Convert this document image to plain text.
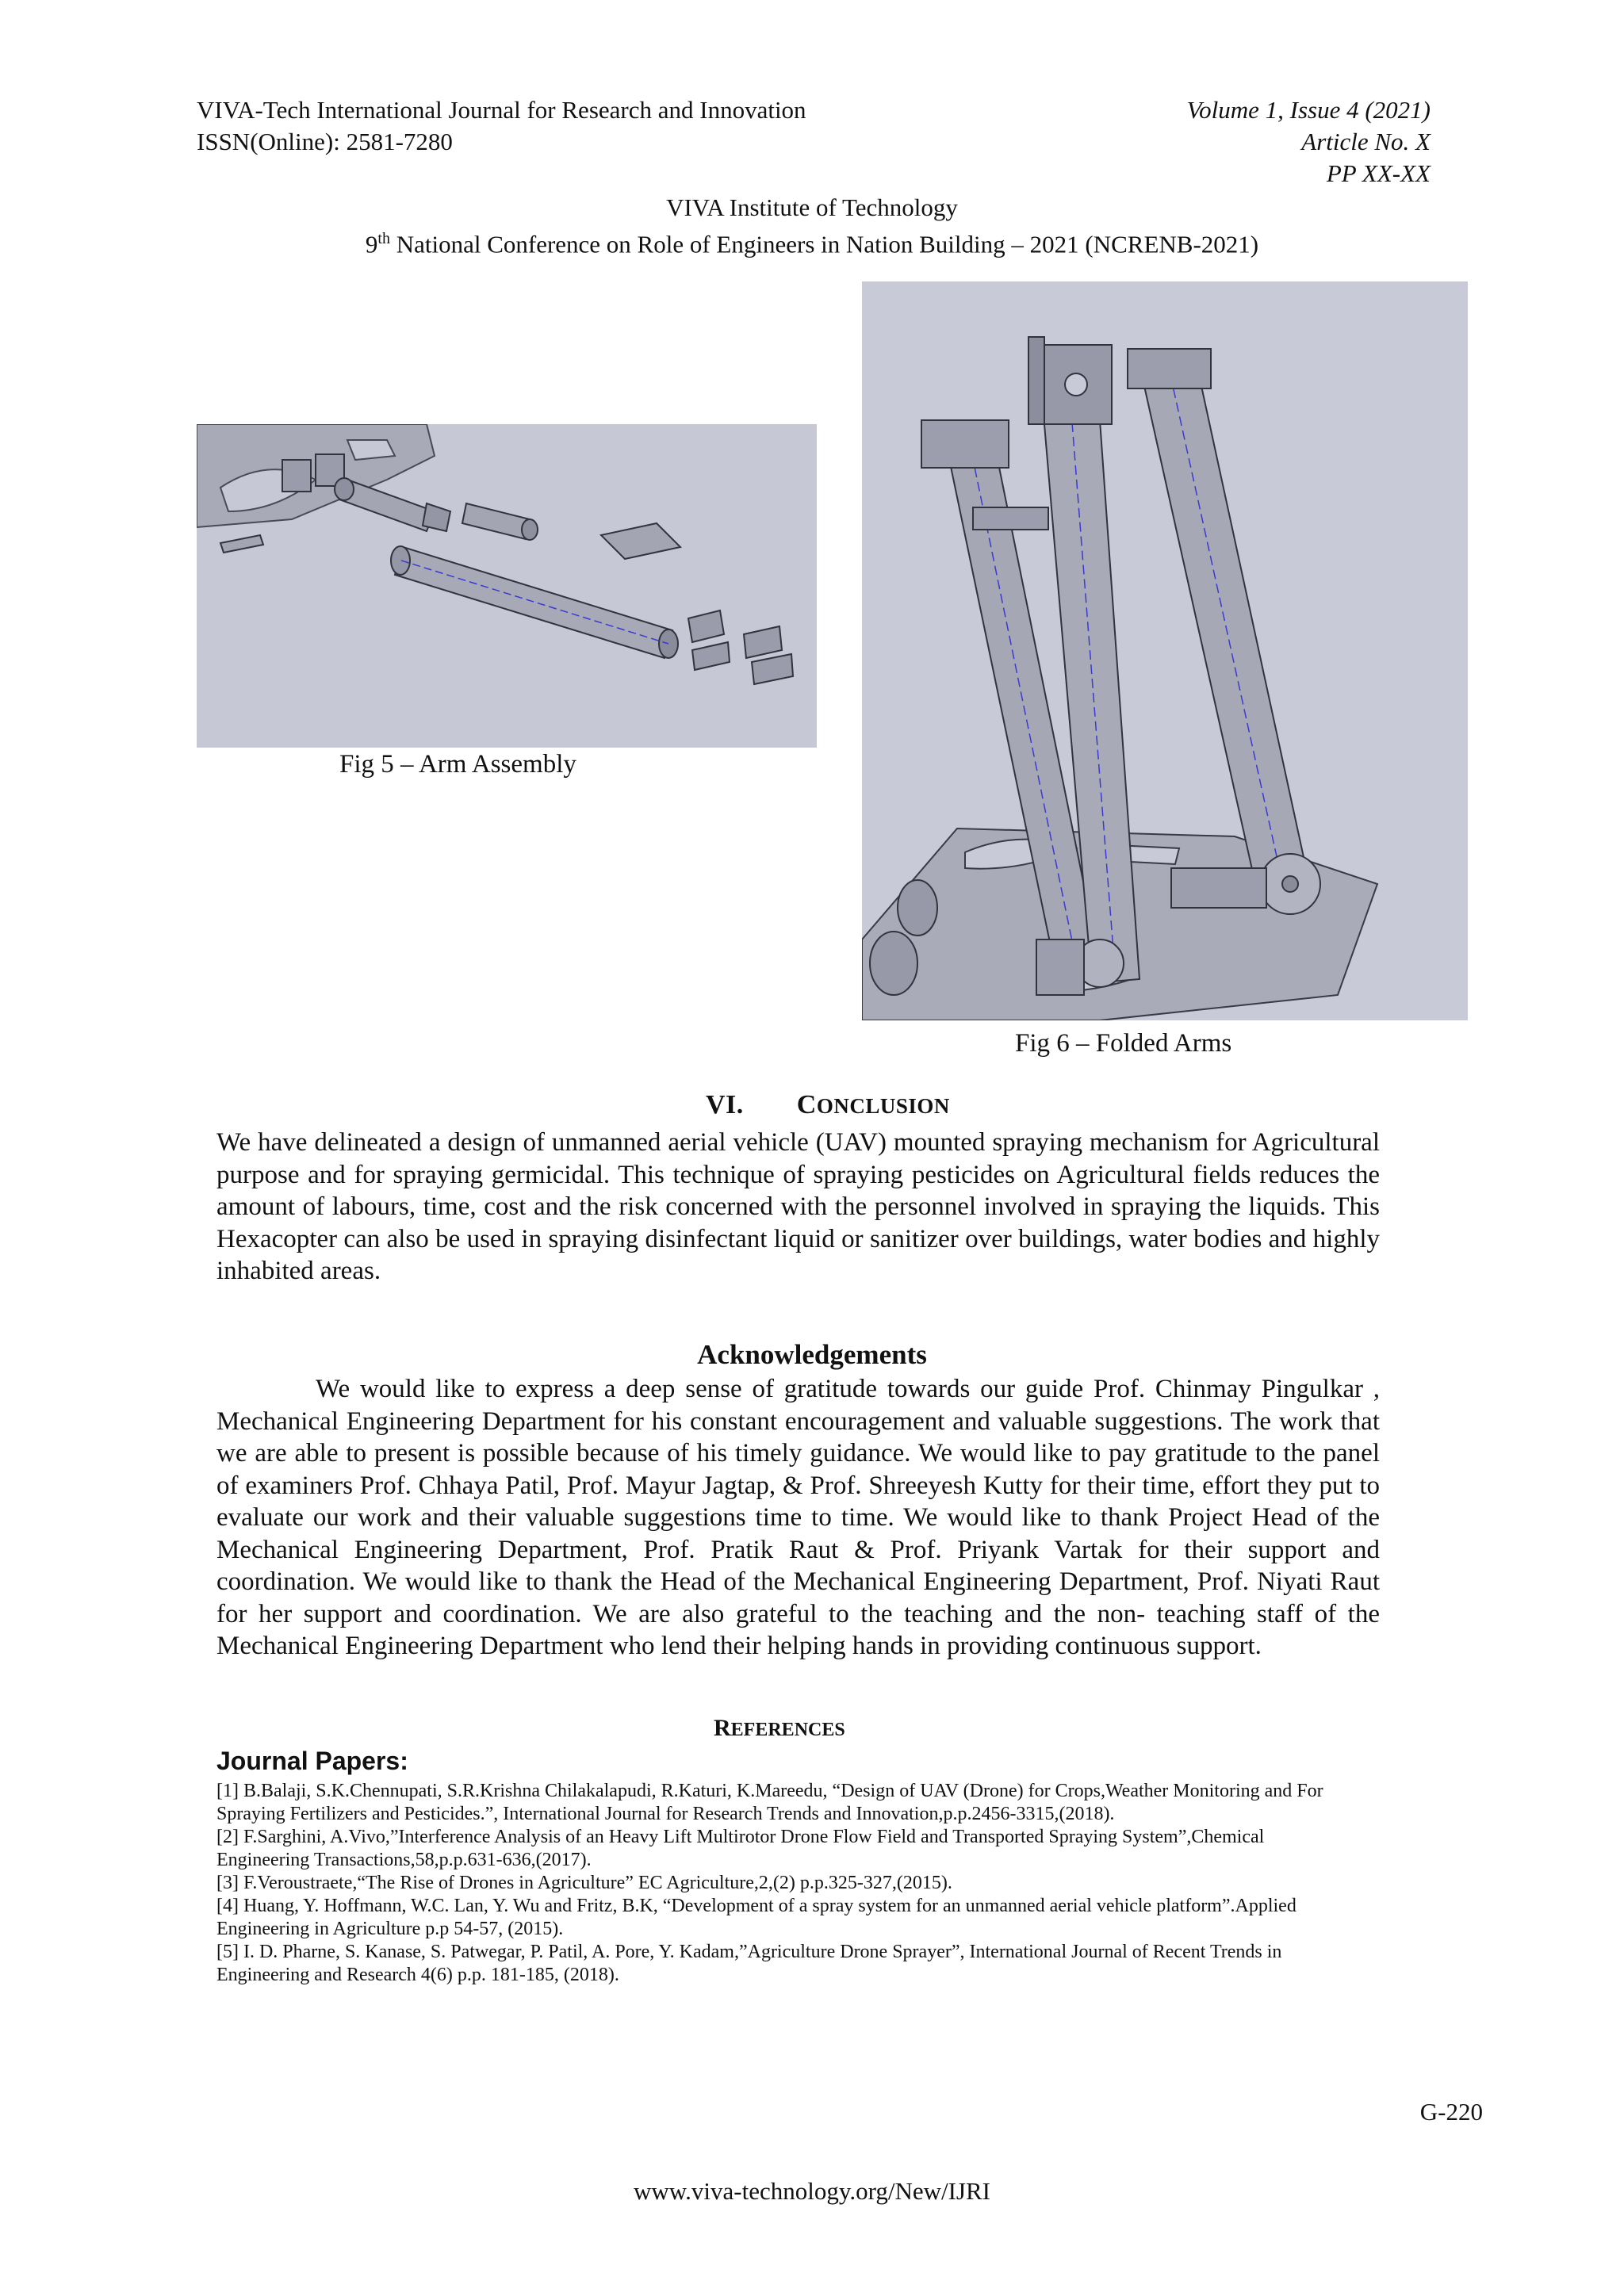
VIVA-Tech International Journal for Research and Innovation
ISSN(Online): 2581-7280
Volume 1, Issue 4 (2021)
Article No. X
PP XX-XX
VIVA Institute of Technology
9th National Conference on Role of Engineers in Nation Building – 2021 (NCRENB-2021)
Fig 5 – Arm Assembly
Fig 6 – Folded Arms
VI. CONCLUSION
We have delineated a design of unmanned aerial vehicle (UAV) mounted spraying mechanism for Agricultural purpose and for spraying germicidal. This technique of spraying pesticides on Agricultural fields reduces the amount of labours, time, cost and the risk concerned with the personnel involved in spraying the liquids. This Hexacopter can also be used in spraying disinfectant liquid or sanitizer over buildings, water bodies and highly inhabited areas.
Acknowledgements
We would like to express a deep sense of gratitude towards our guide Prof. Chinmay Pingulkar , Mechanical Engineering Department for his constant encouragement and valuable suggestions. The work that we are able to present is possible because of his timely guidance. We would like to pay gratitude to the panel of examiners Prof. Chhaya Patil, Prof. Mayur Jagtap, & Prof. Shreeyesh Kutty for their time, effort they put to evaluate our work and their valuable suggestions time to time. We would like to thank Project Head of the Mechanical Engineering Department, Prof. Pratik Raut & Prof. Priyank Vartak for their support and coordination. We would like to thank the Head of the Mechanical Engineering Department, Prof. Niyati Raut for her support and coordination. We are also grateful to the teaching and the non- teaching staff of the Mechanical Engineering Department who lend their helping hands in providing continuous support.
REFERENCES
Journal Papers:
[1] B.Balaji, S.K.Chennupati, S.R.Krishna Chilakalapudi, R.Katuri, K.Mareedu, “Design of UAV (Drone) for Crops,Weather Monitoring and For Spraying Fertilizers and Pesticides.”, International Journal for Research Trends and Innovation,p.p.2456-3315,(2018).
[2] F.Sarghini, A.Vivo,”Interference Analysis of an Heavy Lift Multirotor Drone Flow Field and Transported Spraying System”,Chemical Engineering Transactions,58,p.p.631-636,(2017).
[3] F.Veroustraete,“The Rise of Drones in Agriculture” EC Agriculture,2,(2) p.p.325-327,(2015).
[4] Huang, Y. Hoffmann, W.C. Lan, Y. Wu and Fritz, B.K, “Development of a spray system for an unmanned aerial vehicle platform”.Applied Engineering in Agriculture p.p 54-57, (2015).
[5] I. D. Pharne, S. Kanase, S. Patwegar, P. Patil, A. Pore, Y. Kadam,”Agriculture Drone Sprayer”, International Journal of Recent Trends in Engineering and Research 4(6) p.p. 181-185, (2018).
G-220
www.viva-technology.org/New/IJRI
